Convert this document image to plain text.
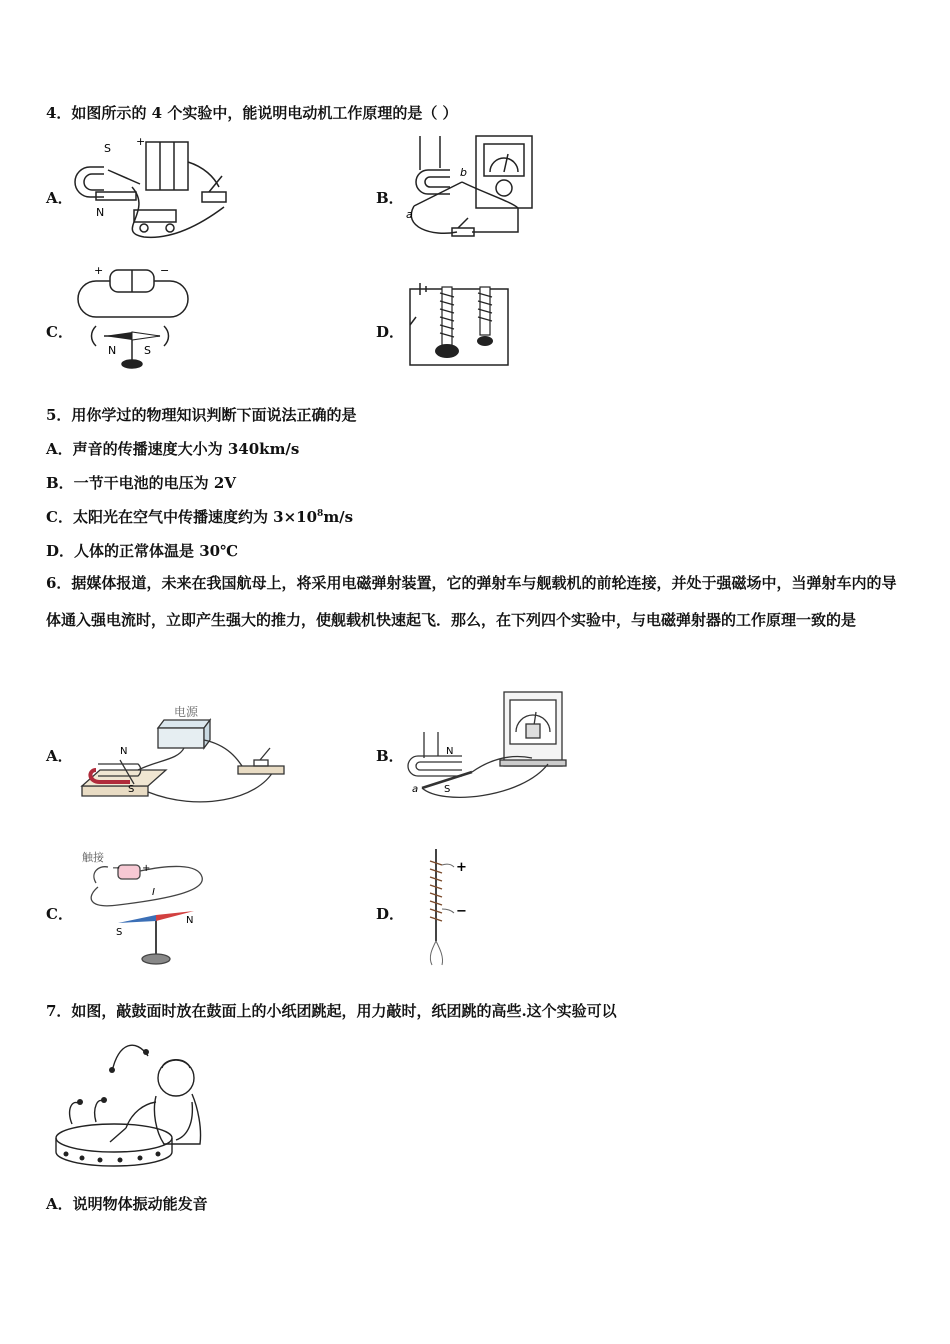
4．如图所示的 4 个实验中，能说明电动机工作原理的是（ ）
A．
S
N
+
B．
a
b
C．
+	−
N	S
D．
5．用你学过的物理知识判断下面说法正确的是
A．声音的传播速度大小为 340km/s
B．一节干电池的电压为 2V
C．太阳光在空气中传播速度约为 $3\times 10^8m/s$
D．人体的正常体温是 30℃
6．据媒体报道，未来在我国航母上，将采用电磁弹射装置，它的弹射车与舰载机的前轮连接，并处于强磁场中，当弹射车内的导体通入强电流时，立即产生强大的推力，使舰载机快速起飞．那么，在下列四个实验中，与电磁弹射器的工作原理一致的是
A．
电源
N
S
B．	N
S
a
C．
触接
− +
S
N
I
D．
+
−
7．如图，敲鼓面时放在鼓面上的小纸团跳起，用力敲时，纸团跳的高些.这个实验可以
A．说明物体振动能发音
